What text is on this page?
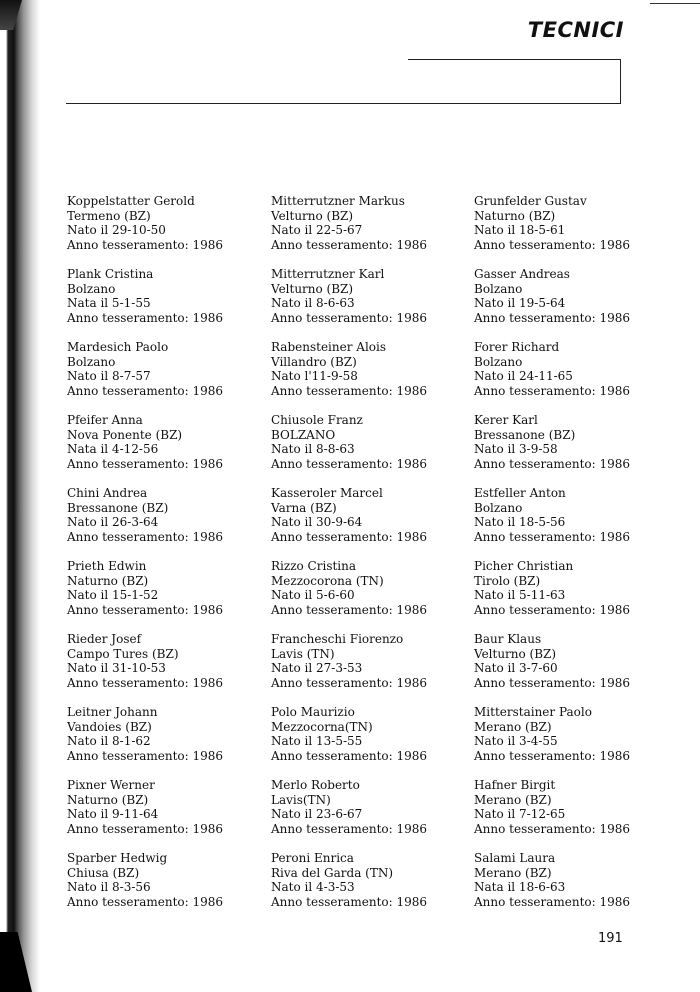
TECNICI
Koppelstatter Gerold
Termeno (BZ)
Nato il 29-10-50
Anno tesseramento: 1986
Plank Cristina
Bolzano
Nata il 5-1-55
Anno tesseramento: 1986
Mardesich Paolo
Bolzano
Nato il 8-7-57
Anno tesseramento: 1986
Pfeifer Anna
Nova Ponente (BZ)
Nata il 4-12-56
Anno tesseramento: 1986
Chini Andrea
Bressanone (BZ)
Nato il 26-3-64
Anno tesseramento: 1986
Prieth Edwin
Naturno (BZ)
Nato il 15-1-52
Anno tesseramento: 1986
Rieder Josef
Campo Tures (BZ)
Nato il 31-10-53
Anno tesseramento: 1986
Leitner Johann
Vandoies (BZ)
Nato il 8-1-62
Anno tesseramento: 1986
Pixner Werner
Naturno (BZ)
Nato il 9-11-64
Anno tesseramento: 1986
Sparber Hedwig
Chiusa (BZ)
Nato il 8-3-56
Anno tesseramento: 1986
Mitterrutzner Markus
Velturno (BZ)
Nato il 22-5-67
Anno tesseramento: 1986
Mitterrutzner Karl
Velturno (BZ)
Nato il 8-6-63
Anno tesseramento: 1986
Rabensteiner Alois
Villandro (BZ)
Nato l'11-9-58
Anno tesseramento: 1986
Chiusole Franz
BOLZANO
Nato il 8-8-63
Anno tesseramento: 1986
Kasseroler Marcel
Varna (BZ)
Nato il 30-9-64
Anno tesseramento: 1986
Rizzo Cristina
Mezzocorona (TN)
Nato il 5-6-60
Anno tesseramento: 1986
Francheschi Fiorenzo
Lavis (TN)
Nato il 27-3-53
Anno tesseramento: 1986
Polo Maurizio
Mezzocorna(TN)
Nato il 13-5-55
Anno tesseramento: 1986
Merlo Roberto
Lavis(TN)
Nato il 23-6-67
Anno tesseramento: 1986
Peroni Enrica
Riva del Garda (TN)
Nato il 4-3-53
Anno tesseramento: 1986
Grunfelder Gustav
Naturno (BZ)
Nato il 18-5-61
Anno tesseramento: 1986
Gasser Andreas
Bolzano
Nato il 19-5-64
Anno tesseramento: 1986
Forer Richard
Bolzano
Nato il 24-11-65
Anno tesseramento: 1986
Kerer Karl
Bressanone (BZ)
Nato il 3-9-58
Anno tesseramento: 1986
Estfeller Anton
Bolzano
Nato il 18-5-56
Anno tesseramento: 1986
Picher Christian
Tirolo (BZ)
Nato il 5-11-63
Anno tesseramento: 1986
Baur Klaus
Velturno (BZ)
Nato il 3-7-60
Anno tesseramento: 1986
Mitterstainer Paolo
Merano (BZ)
Nato il 3-4-55
Anno tesseramento: 1986
Hafner Birgit
Merano (BZ)
Nato il 7-12-65
Anno tesseramento: 1986
Salami Laura
Merano (BZ)
Nata il 18-6-63
Anno tesseramento: 1986
191
